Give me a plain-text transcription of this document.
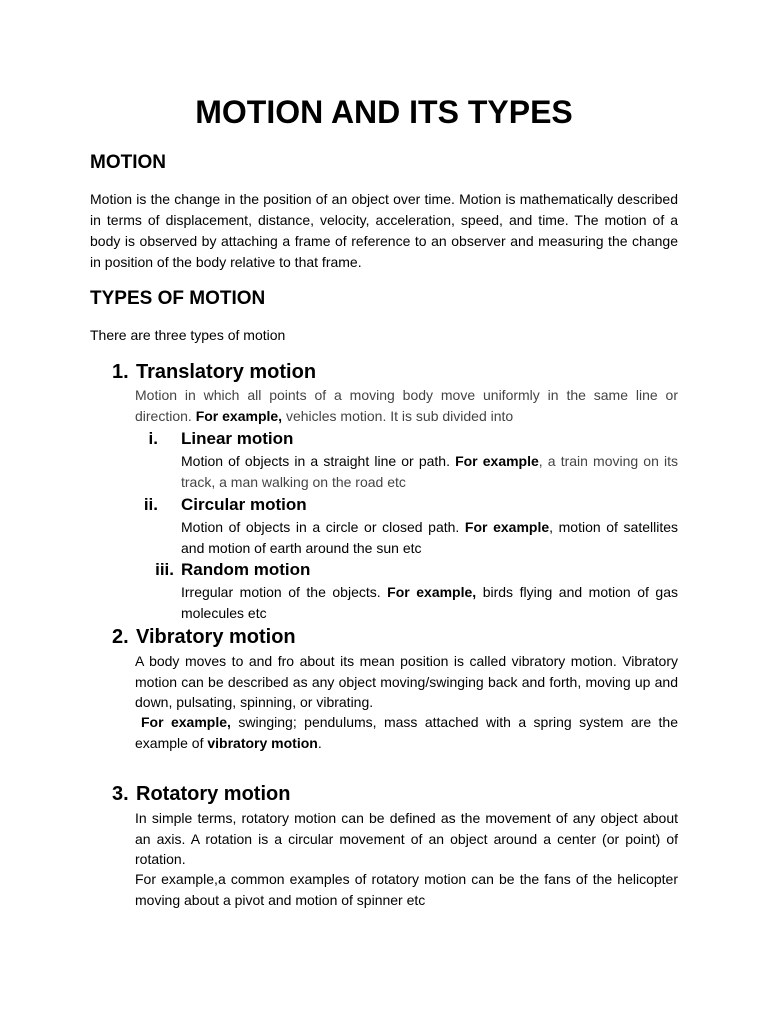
MOTION AND ITS TYPES
MOTION

Motion is the change in the position of an object over time. Motion is mathematically described in terms of displacement, distance, velocity, acceleration, speed, and time. The motion of a body is observed by attaching a frame of reference to an observer and measuring the change in position of the body relative to that frame.

TYPES OF MOTION

There are three types of motion

1. Translatory motion

Motion in which all points of a moving body move uniformly in the same line or direction. For example, vehicles motion. It is sub divided into

i. Linear motion

Motion of objects in a straight line or path. For example, a train moving on its track, a man walking on the road etc

ii. Circular motion

Motion of objects in a circle or closed path. For example, motion of satellites and motion of earth around the sun etc

iii. Random motion

Irregular motion of the objects. For example, birds flying and motion of gas molecules etc

2. Vibratory motion

A body moves to and fro about its mean position is called vibratory motion. Vibratory motion can be described as any object moving/swinging back and forth, moving up and down, pulsating, spinning, or vibrating.

For example, swinging; pendulums, mass attached with a spring system are the example of vibratory motion.

3. Rotatory motion

In simple terms, rotatory motion can be defined as the movement of any object about an axis. A rotation is a circular movement of an object around a center (or point) of rotation.

For example,a common examples of rotatory motion can be the fans of the helicopter moving about a pivot and motion of spinner etc
